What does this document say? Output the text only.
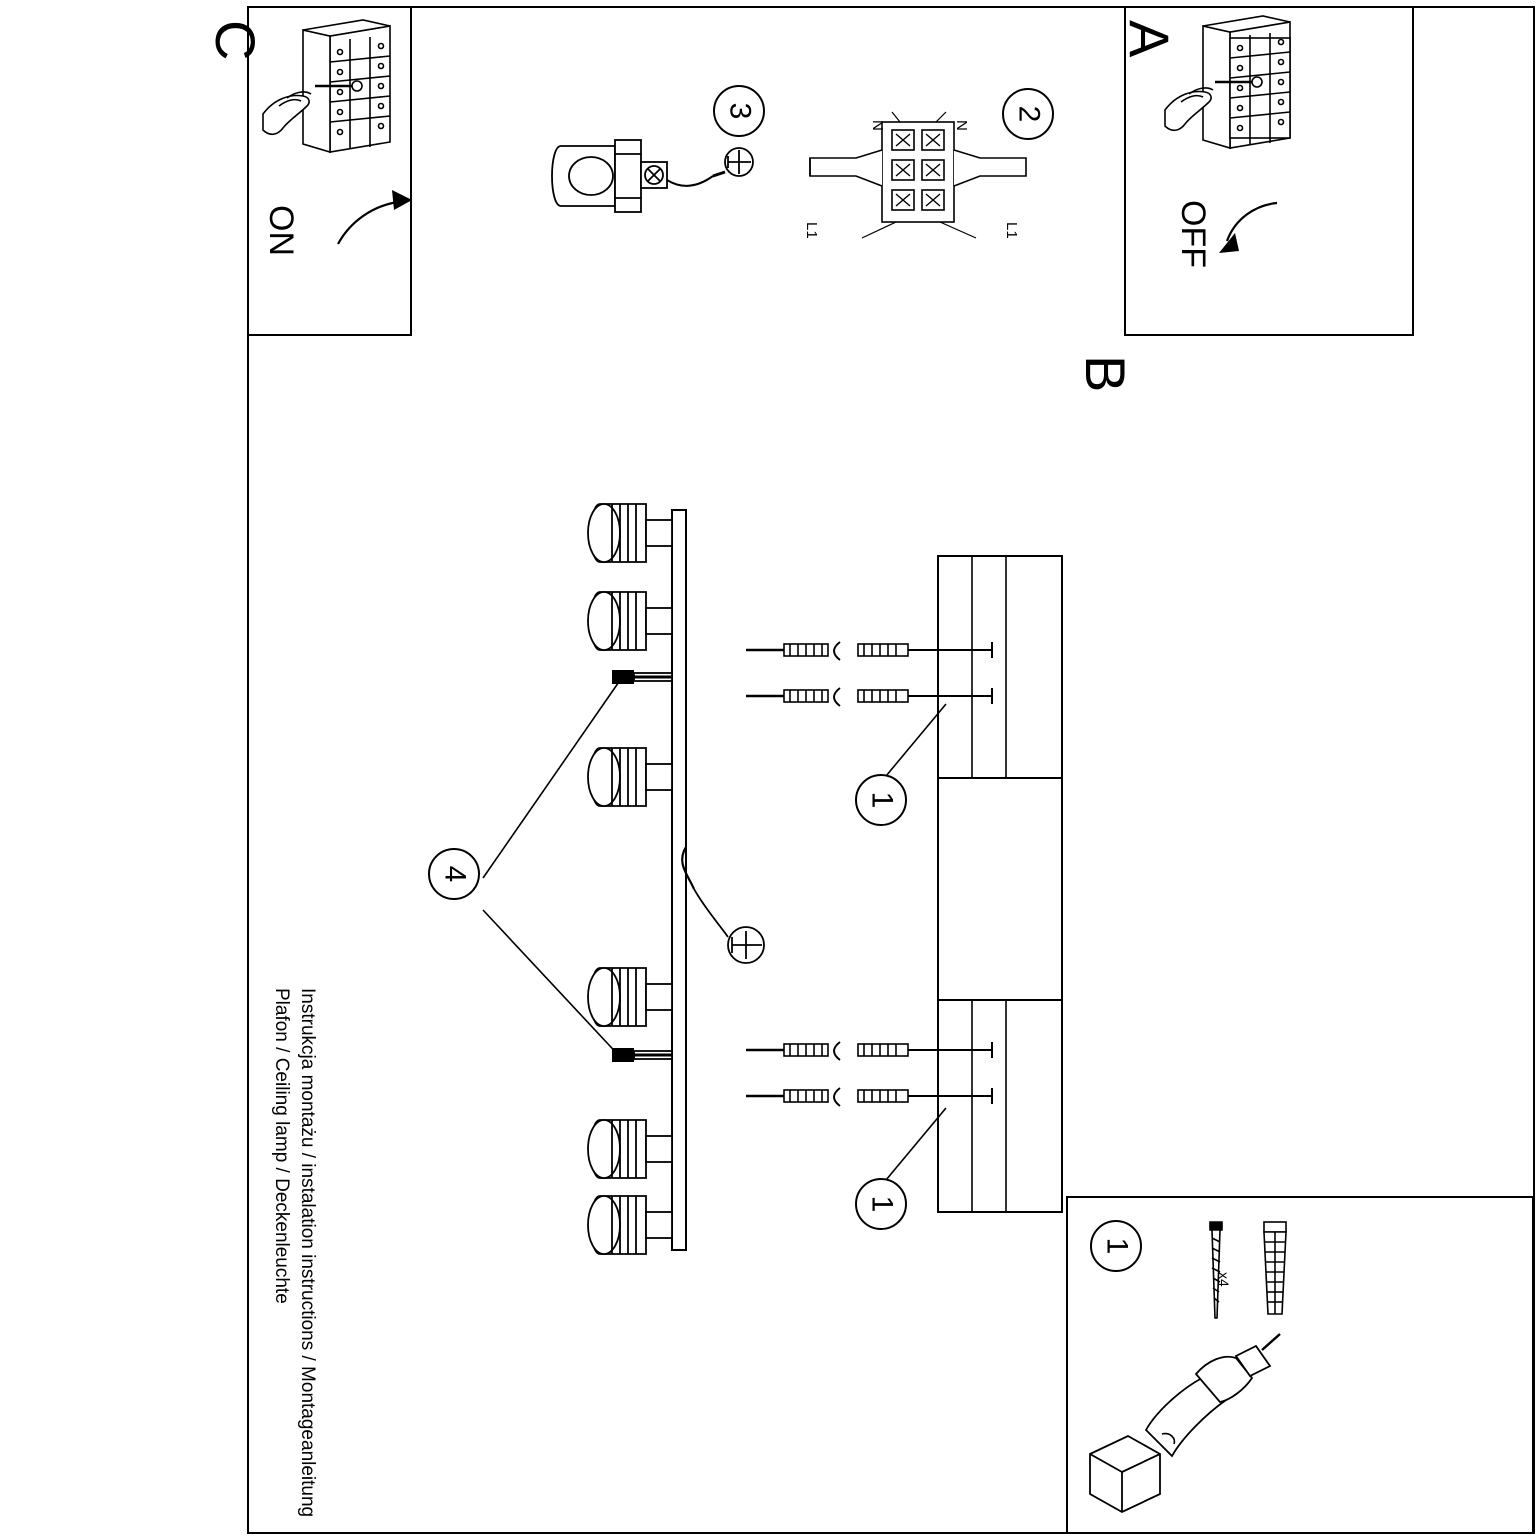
A
OFF
C
ON
3	2
N	N
L1	L1
B
4
1
1
1
x4
Instrukcja montażu / instalation instructions / Montageanleitung
Plafon / Ceiling lamp / Deckenleuchte
